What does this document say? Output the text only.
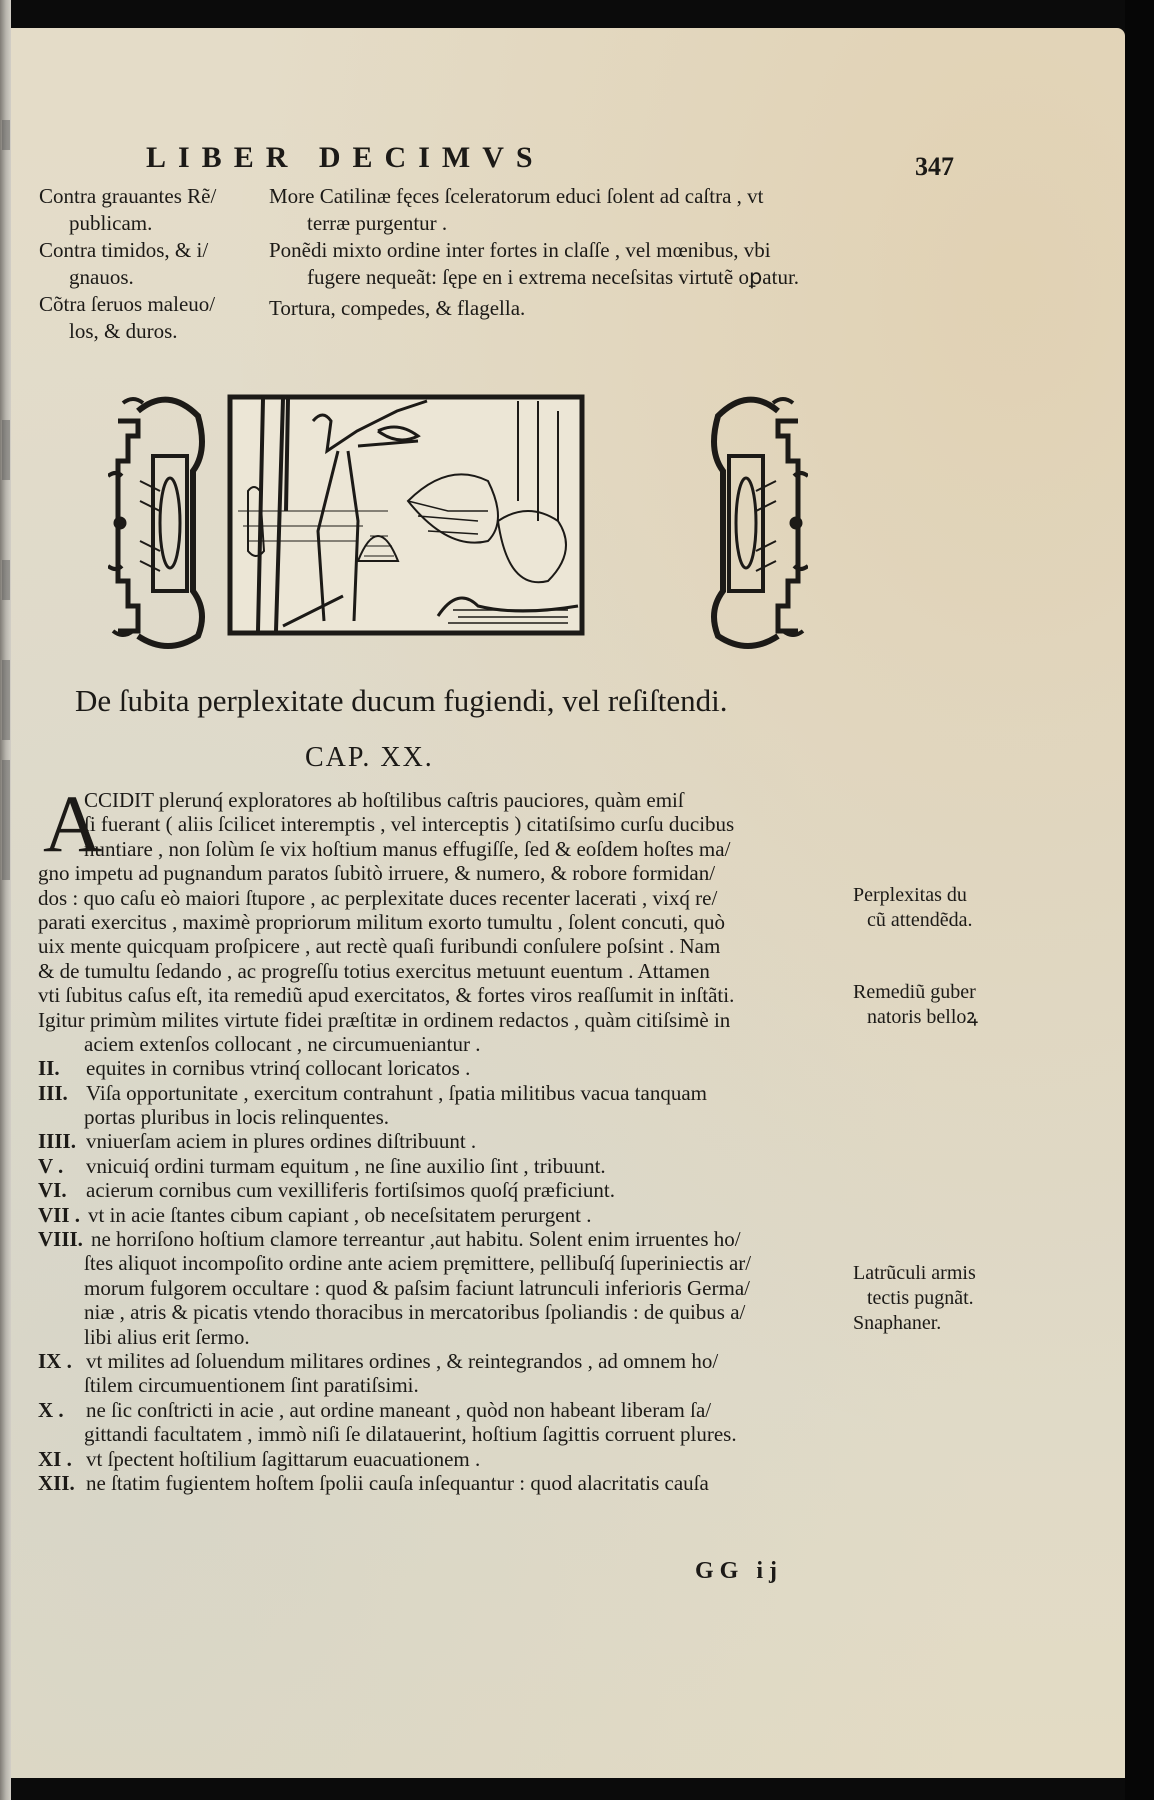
LIBER DECIMVS	347
Contra grauantes Rẽ/
publicam.
Contra timidos, & i/
gnauos.
Cõtra ſeruos maleuo/
los, & duros.
More Catilinæ fęces ſceleratorum educi ſolent ad caſtra , vt
terræ purgentur .
Ponẽdi mixto ordine inter fortes in claſſe , vel mœnibus, vbi
fugere nequeãt: ſępe en i extrema neceſsitas virtutẽ oꝑatur.
Tortura, compedes, & flagella.
De ſubita perplexitate ducum fugiendi, vel reſiſtendi.
CAP. XX.
A
CCIDIT plerunq́ exploratores ab hoſtilibus caſtris pauciores, quàm emiſ
ſi fuerant ( aliis ſcilicet interemptis , vel interceptis ) citatiſsimo curſu ducibus
nuntiare , non ſolùm ſe vix hoſtium manus effugiſſe, ſed & eoſdem hoſtes ma/
gno impetu ad pugnandum paratos ſubitò irruere, & numero, & robore formidan/
dos : quo caſu eò maiori ſtupore , ac perplexitate duces recenter lacerati , vixq́ re/
parati exercitus , maximè propriorum militum exorto tumultu , ſolent concuti, quò
uix mente quicquam proſpicere , aut rectè quaſi furibundi conſulere poſsint . Nam
& de tumultu ſedando , ac progreſſu totius exercitus metuunt euentum . Attamen
vti ſubitus caſus eſt, ita remediũ apud exercitatos, & fortes viros reaſſumit in inſtãti.
Igitur primùm milites virtute fidei præſtitæ in ordinem redactos , quàm citiſsimè in
aciem extenſos collocant , ne circumueniantur .
II. equites in cornibus vtrinq́ collocant loricatos .
III. Viſa opportunitate , exercitum contrahunt , ſpatia militibus vacua tanquam
portas pluribus in locis relinquentes.
IIII. vniuerſam aciem in plures ordines diſtribuunt .
V . vnicuiq́ ordini turmam equitum , ne ſine auxilio ſint , tribuunt.
VI. acierum cornibus cum vexilliferis fortiſsimos quoſq́ præficiunt.
VII . vt in acie ſtantes cibum capiant , ob neceſsitatem perurgent .
VIII. ne horriſono hoſtium clamore terreantur ,aut habitu. Solent enim irruentes ho/
ſtes aliquot incompoſito ordine ante aciem pręmittere, pellibuſq́ ſuperiniectis ar/
morum fulgorem occultare : quod & paſsim faciunt latrunculi inferioris Germa/
niæ , atris & picatis vtendo thoracibus in mercatoribus ſpoliandis : de quibus a/
libi alius erit ſermo.
IX . vt milites ad ſoluendum militares ordines , & reintegrandos , ad omnem ho/
ſtilem circumuentionem ſint paratiſsimi.
X . ne ſic conſtricti in acie , aut ordine maneant , quòd non habeant liberam ſa/
gittandi facultatem , immò niſi ſe dilatauerint, hoſtium ſagittis corruent plures.
XI . vt ſpectent hoſtilium ſagittarum euacuationem .
XII. ne ſtatim fugientem hoſtem ſpolii cauſa inſequantur : quod alacritatis cauſa
Perplexitas du
cũ attendẽda.
Remediũ guber
natoris belloꝝ
Latrũculi armis
tectis pugnãt.
Snaphaner.
GG ij
